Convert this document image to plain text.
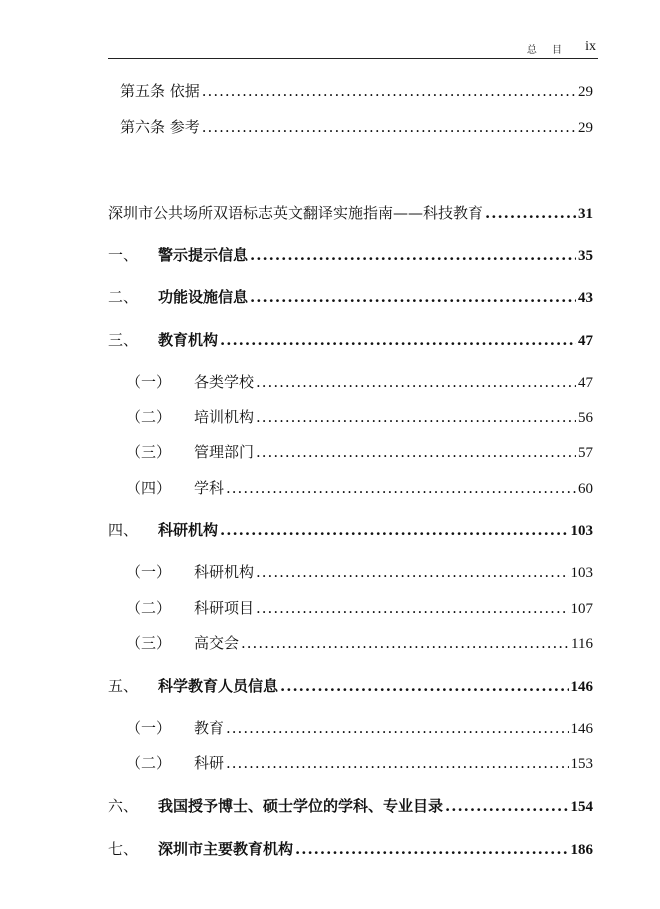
总 目 ix
第五条 依据 .....	29
第六条 参考 .....	29
深圳市公共场所双语标志英文翻译实施指南——科技教育 .....	31
一、	警示提示信息 .....	35
二、	功能设施信息 .....	43
三、	教育机构 .....	47
（一）	各类学校 .....	47
（二）	培训机构 .....	56
（三）	管理部门 .....	57
（四）	学科 .....	60
四、	科研机构 .....	103
（一）	科研机构 .....	103
（二）	科研项目 .....	107
（三）	高交会 .....	116
五、	科学教育人员信息 .....	146
（一）	教育 .....	146
（二）	科研 .....	153
六、	我国授予博士、硕士学位的学科、专业目录 .....	154
七、	深圳市主要教育机构 .....	186
